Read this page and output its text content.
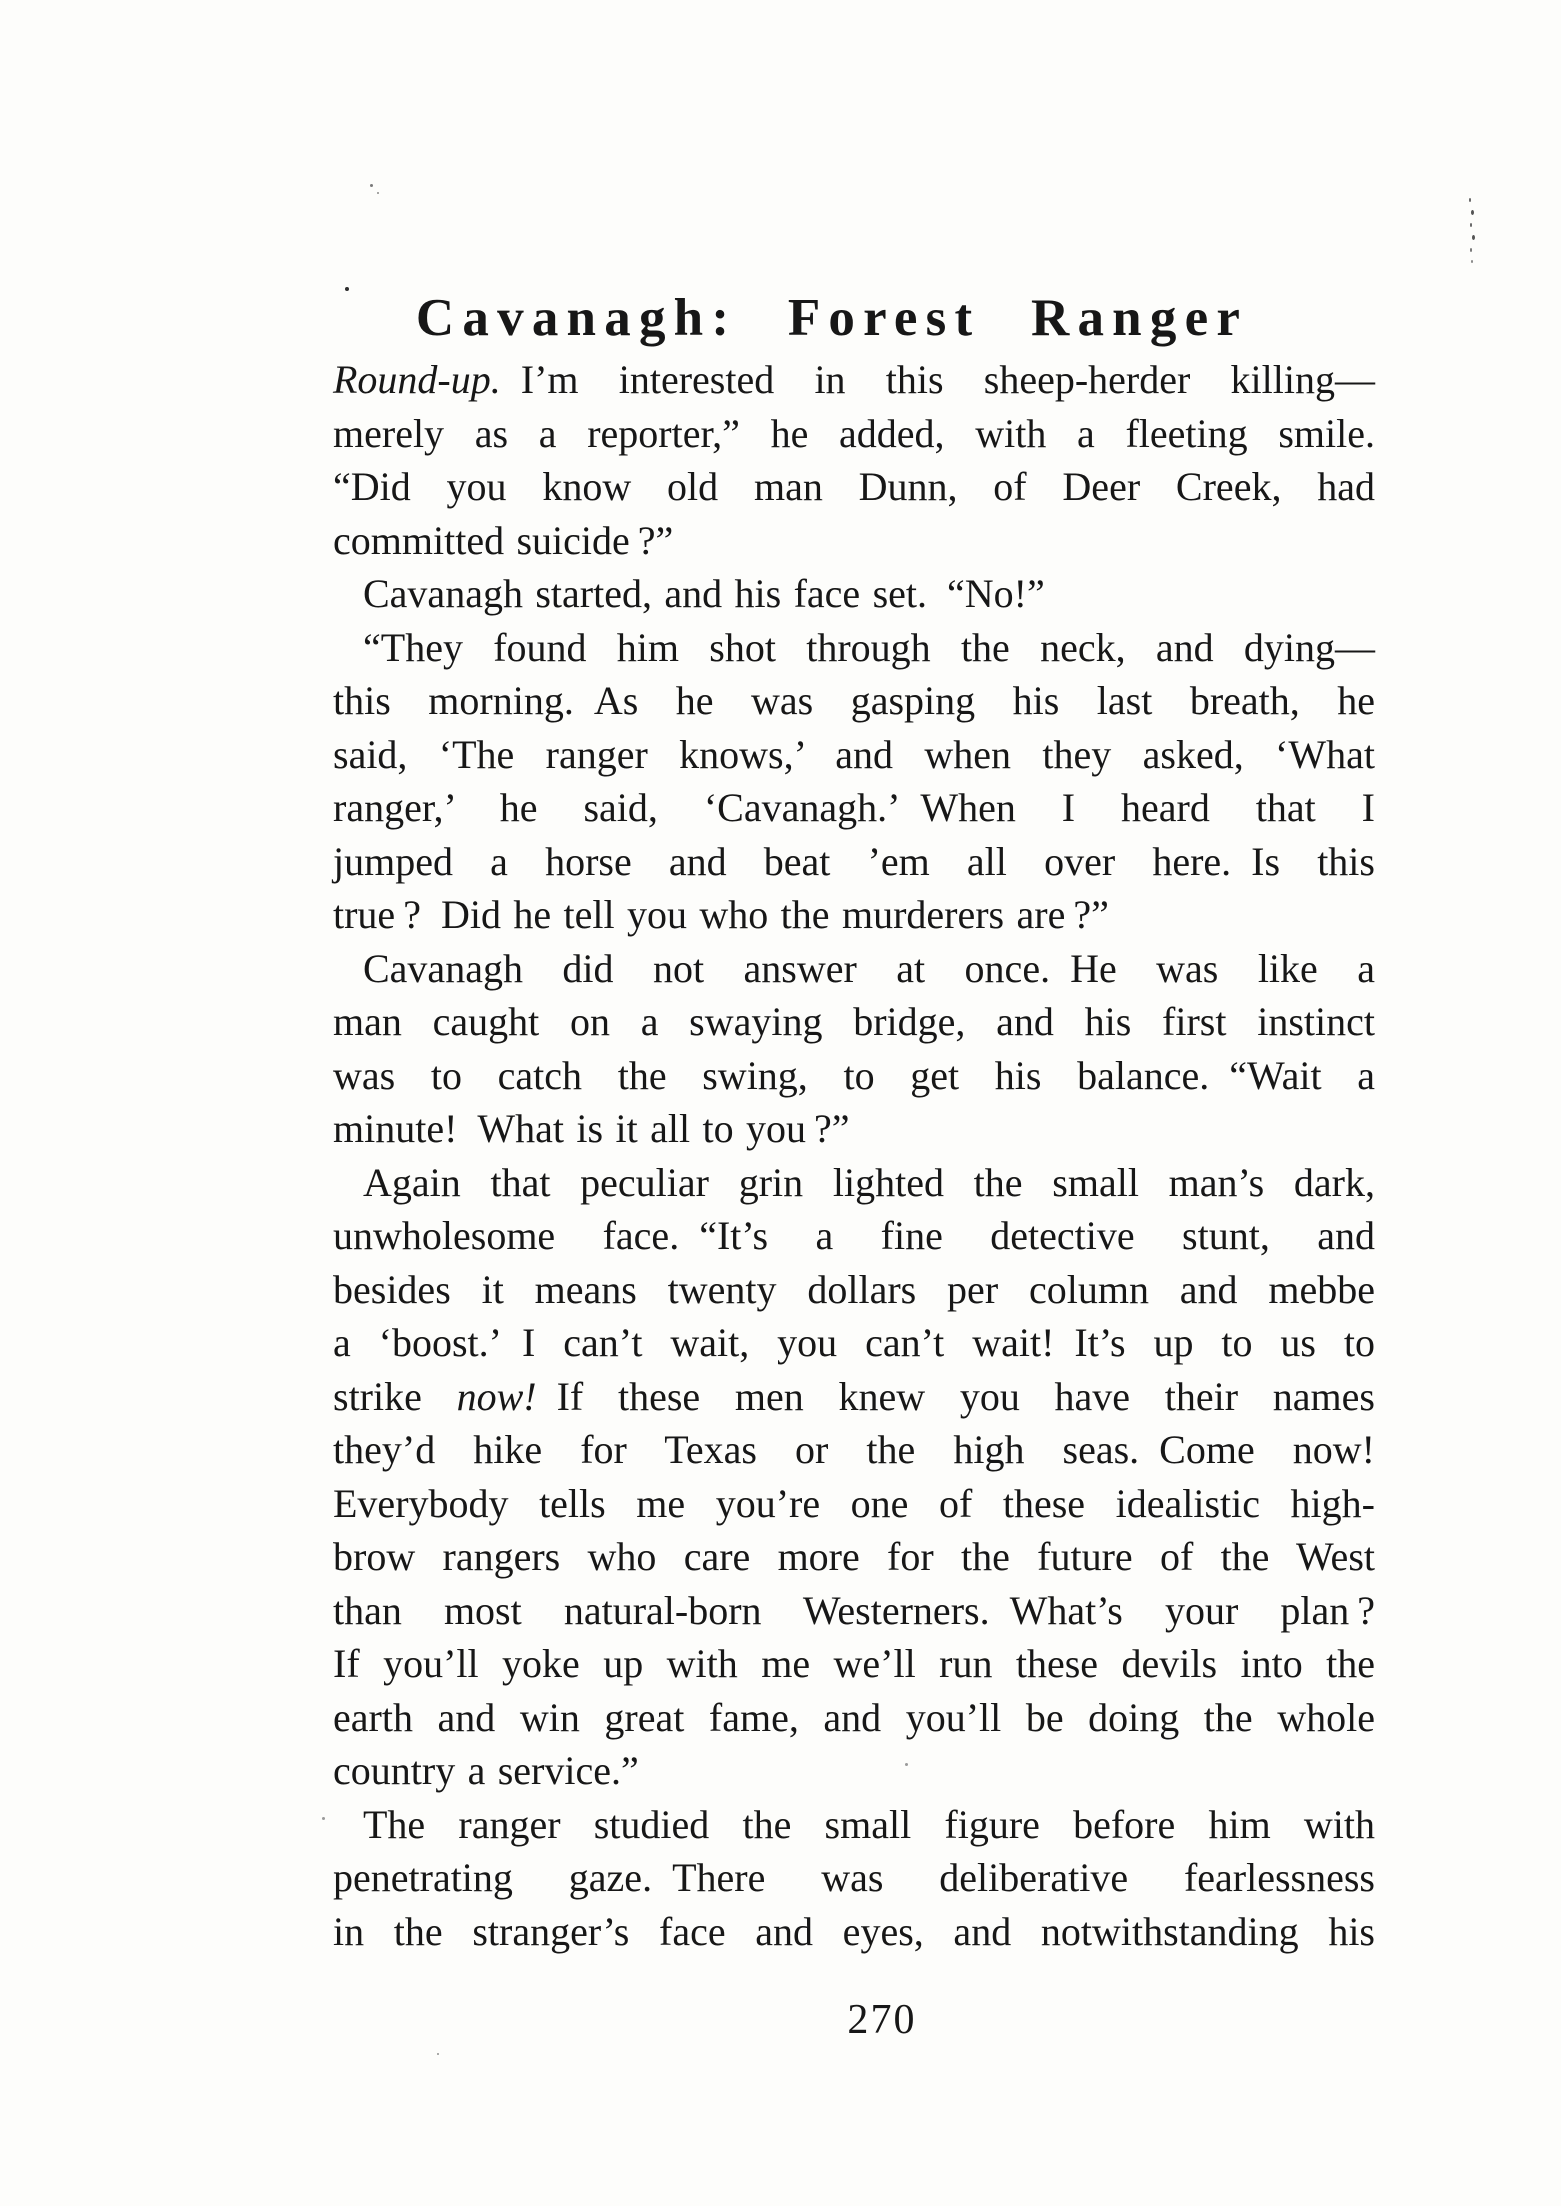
Cavanagh: Forest Ranger
Round-up. I’m interested in this sheep-herder killing—
merely as a reporter,” he added, with a fleeting smile.
“Did you know old man Dunn, of Deer Creek, had
committed suicide ?”
Cavanagh started, and his face set. “No!”
“They found him shot through the neck, and dying—
this morning. As he was gasping his last breath, he
said, ‘The ranger knows,’ and when they asked, ‘What
ranger,’ he said, ‘Cavanagh.’ When I heard that I
jumped a horse and beat ’em all over here. Is this
true ? Did he tell you who the murderers are ?”
Cavanagh did not answer at once. He was like a
man caught on a swaying bridge, and his first instinct
was to catch the swing, to get his balance. “Wait a
minute! What is it all to you ?”
Again that peculiar grin lighted the small man’s dark,
unwholesome face. “It’s a fine detective stunt, and
besides it means twenty dollars per column and mebbe
a ‘boost.’ I can’t wait, you can’t wait! It’s up to us to
strike now! If these men knew you have their names
they’d hike for Texas or the high seas. Come now!
Everybody tells me you’re one of these idealistic high-
brow rangers who care more for the future of the West
than most natural-born Westerners. What’s your plan ?
If you’ll yoke up with me we’ll run these devils into the
earth and win great fame, and you’ll be doing the whole
country a service.”
The ranger studied the small figure before him with
penetrating gaze. There was deliberative fearlessness
in the stranger’s face and eyes, and notwithstanding his
270
